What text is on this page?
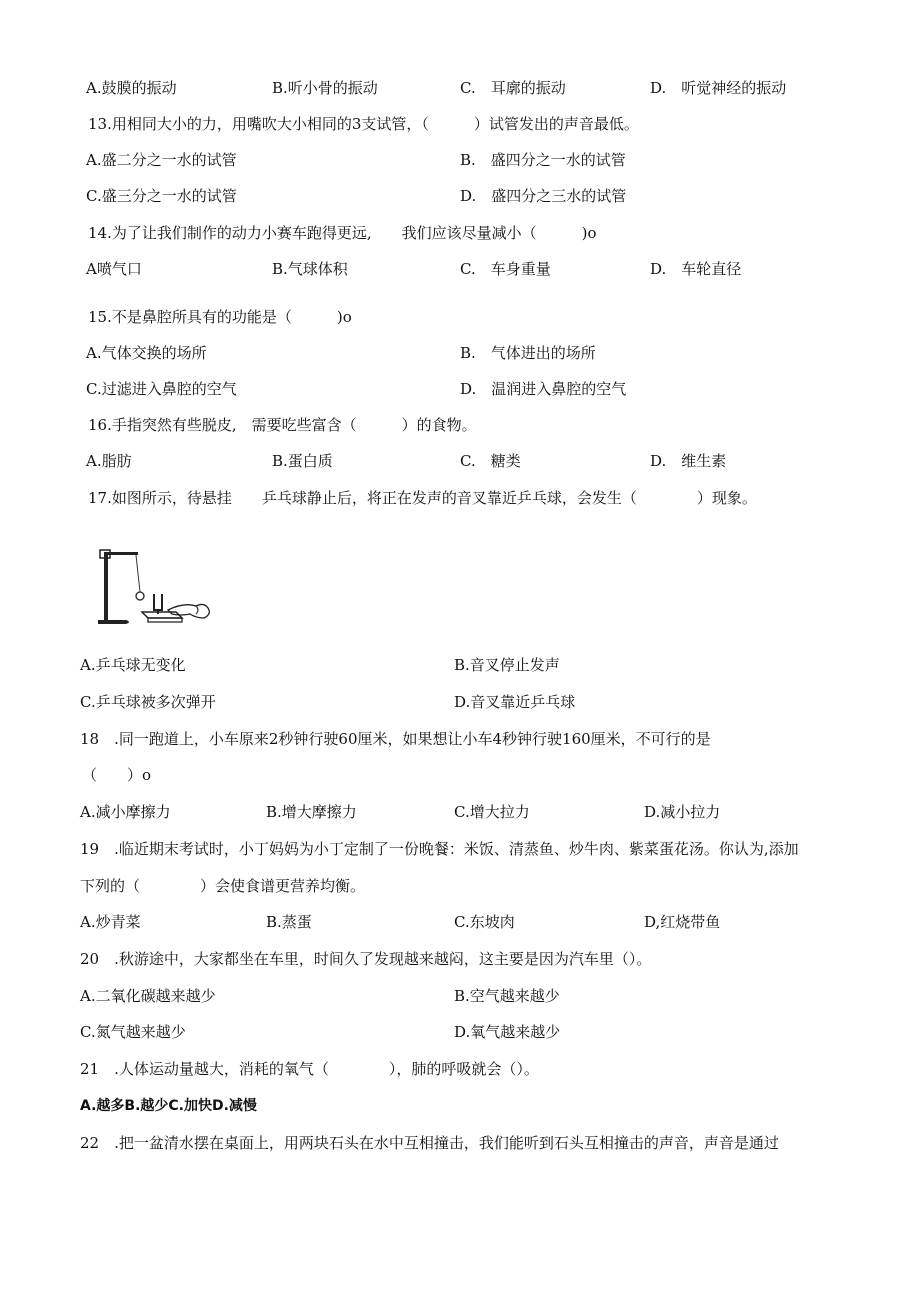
A.鼓膜的振动	B.听小骨的振动	C.　耳廓的振动	D.　听觉神经的振动
13.用相同大小的力，用嘴吹大小相同的3支试管，（　　　）试管发出的声音最低。
A.盛二分之一水的试管	B.　盛四分之一水的试管
C.盛三分之一水的试管	D.　盛四分之三水的试管
14.为了让我们制作的动力小赛车跑得更远,　　我们应该尽量减小（　　　)o
A喷气口	B.气球体积	C.　车身重量	D.　车轮直径
15.不是鼻腔所具有的功能是（　　　)o
A.气体交换的场所	B.　气体进出的场所
C.过滤进入鼻腔的空气	D.　温润进入鼻腔的空气
16.手指突然有些脱皮,　需要吃些富含（　　　）的食物。
A.脂肪	B.蛋白质	C.　糖类	D.　维生素
17.如图所示，待悬挂　　乒乓球静止后，将正在发声的音叉靠近乒乓球，会发生（　　　　）现象。
A.乒乓球无变化	B.音叉停止发声
C.乒乓球被多次弹开	D.音叉靠近乒乓球
18　.同一跑道上，小车原来2秒钟行驶60厘米，如果想让小车4秒钟行驶160厘米，不可行的是
（　　）o
A.减小摩擦力	B.增大摩擦力	C.增大拉力	D.减小拉力
19　.临近期末考试时，小丁妈妈为小丁定制了一份晚餐：米饭、清蒸鱼、炒牛肉、紫菜蛋花汤。你认为,添加
下列的（　　　　）会使食谱更营养均衡。
A.炒青菜	B.蒸蛋	C.东坡肉	D,红烧带鱼
20　.秋游途中，大家都坐在车里，时间久了发现越来越闷，这主要是因为汽车里（）。
A.二氧化碳越来越少	B.空气越来越少
C.氮气越来越少	D.氧气越来越少
21　.人体运动量越大，消耗的氧气（　　　　），肺的呼吸就会（）。
A.越多B.越少C.加快D.减慢
22　.把一盆清水摆在桌面上，用两块石头在水中互相撞击，我们能听到石头互相撞击的声音，声音是通过
